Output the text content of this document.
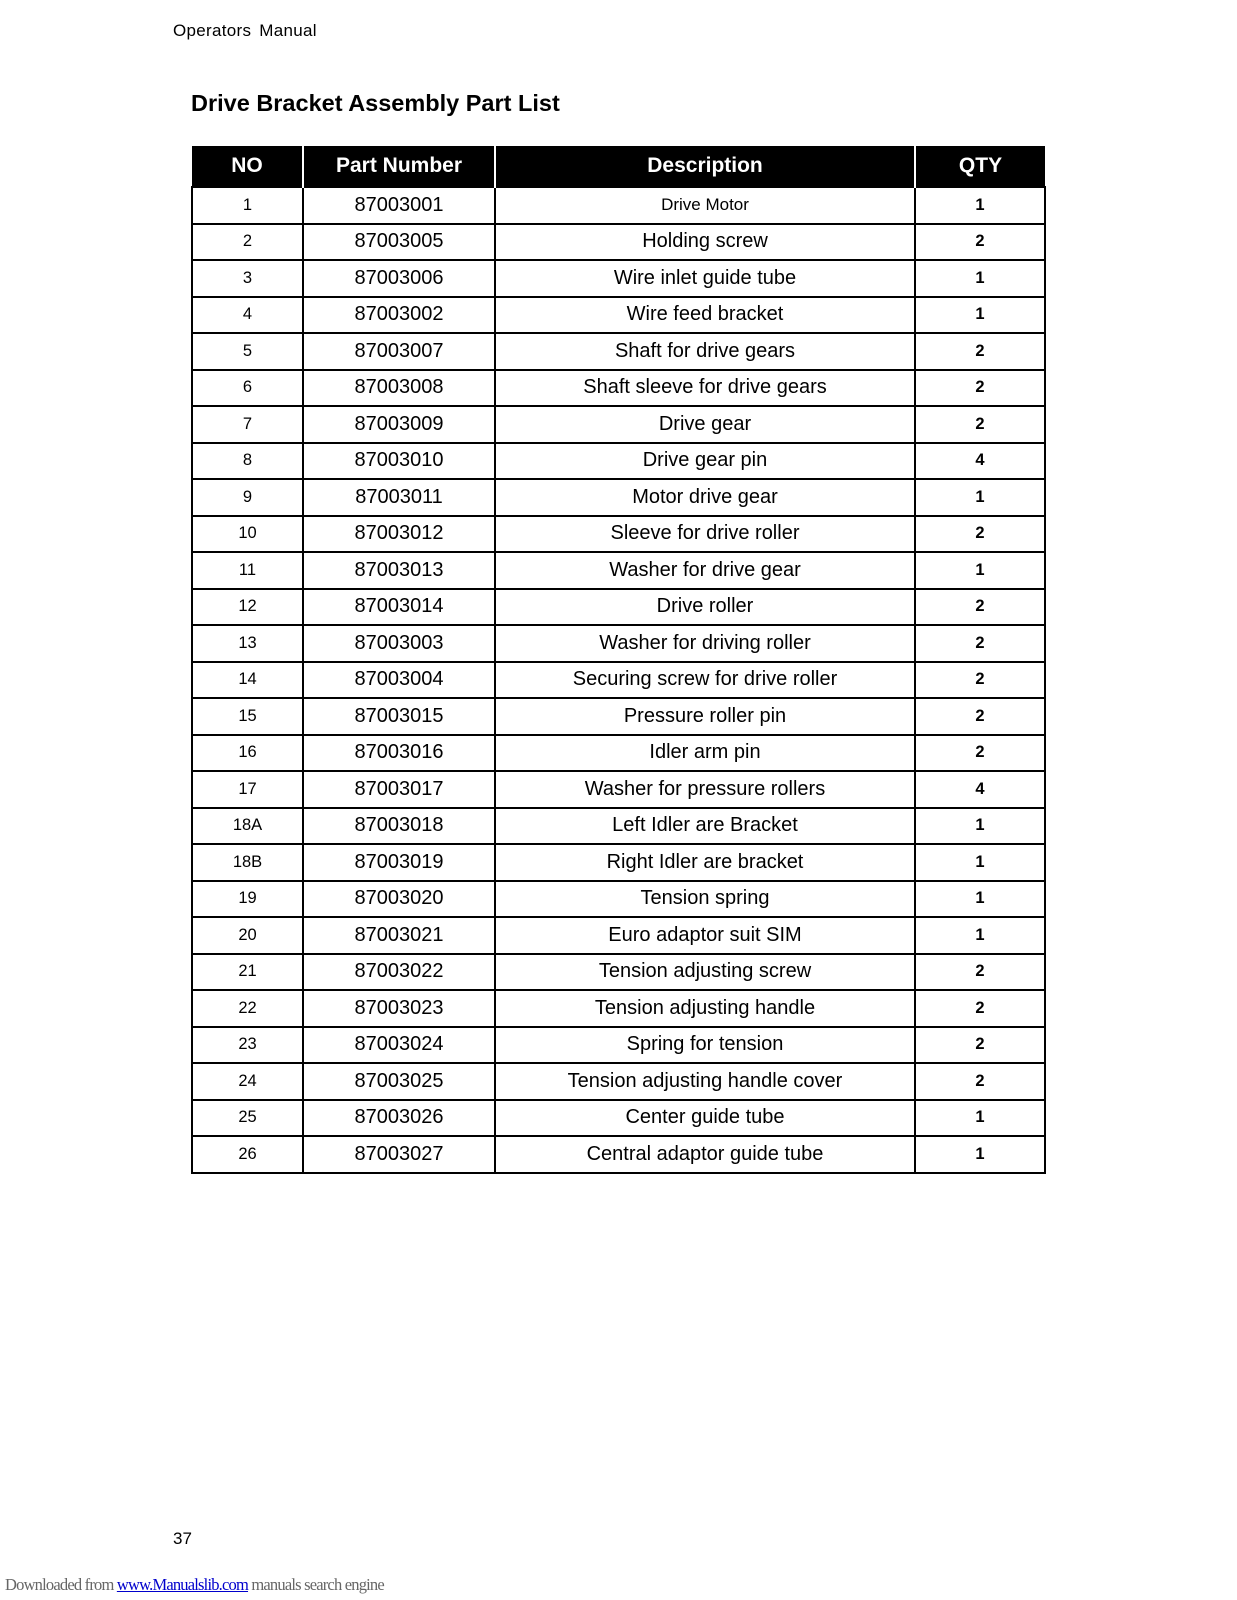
Operators Manual
Drive Bracket Assembly Part List
NO	Part Number	Description	QTY
1	87003001	Drive Motor	1
2	87003005	Holding screw	2
3	87003006	Wire inlet guide tube	1
4	87003002	Wire feed bracket	1
5	87003007	Shaft for drive gears	2
6	87003008	Shaft sleeve for drive gears	2
7	87003009	Drive gear	2
8	87003010	Drive gear pin	4
9	87003011	Motor drive gear	1
10	87003012	Sleeve for drive roller	2
11	87003013	Washer for drive gear	1
12	87003014	Drive roller	2
13	87003003	Washer for driving roller	2
14	87003004	Securing screw for drive roller	2
15	87003015	Pressure roller pin	2
16	87003016	Idler arm pin	2
17	87003017	Washer for pressure rollers	4
18A	87003018	Left Idler are Bracket	1
18B	87003019	Right Idler are bracket	1
19	87003020	Tension spring	1
20	87003021	Euro adaptor suit SIM	1
21	87003022	Tension adjusting screw	2
22	87003023	Tension adjusting handle	2
23	87003024	Spring for tension	2
24	87003025	Tension adjusting handle cover	2
25	87003026	Center guide tube	1
26	87003027	Central adaptor guide tube	1
37
Downloaded from www.Manualslib.com manuals search engine
